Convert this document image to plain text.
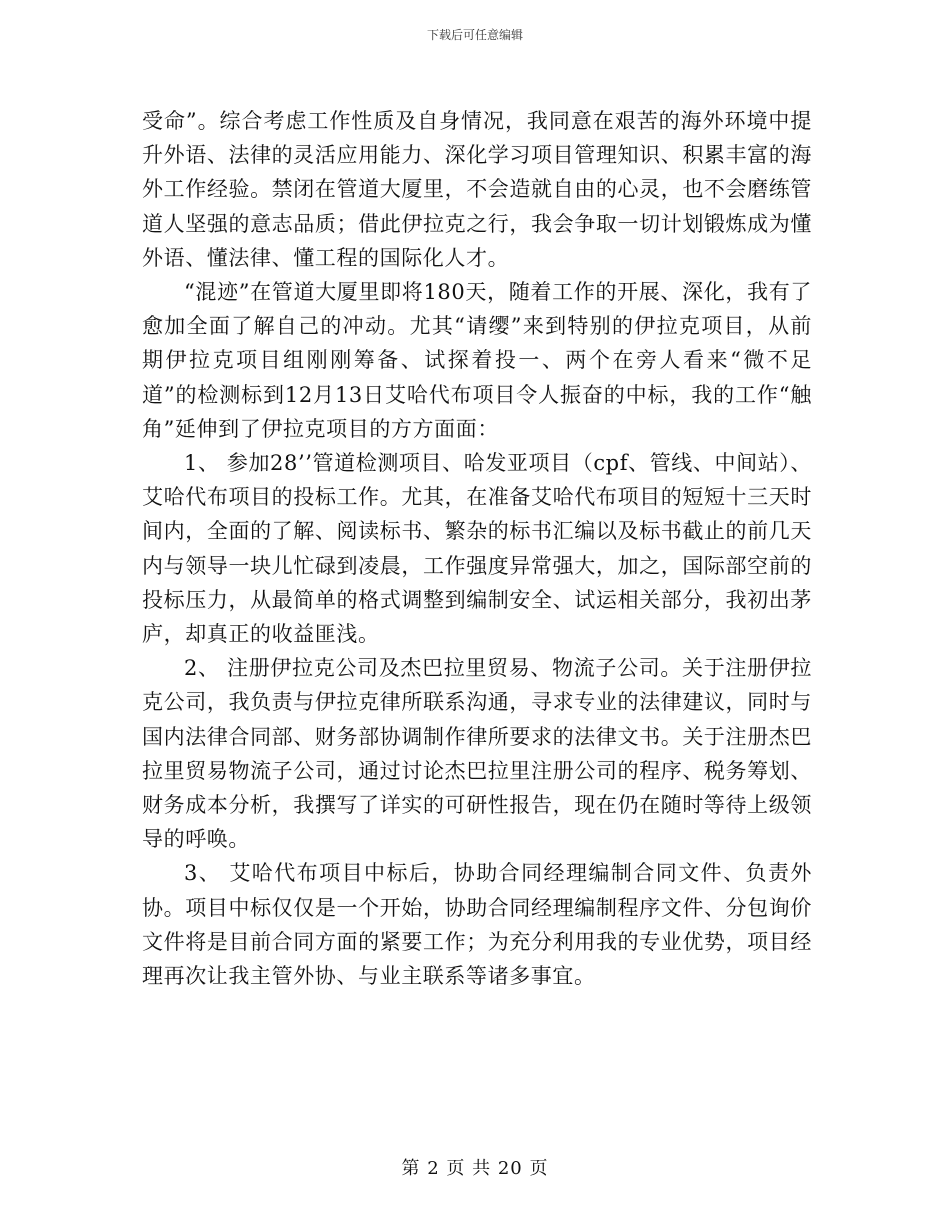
下载后可任意编辑

受命”。综合考虑工作性质及自身情况，我同意在艰苦的海外环境中提升外语、法律的灵活应用能力、深化学习项目管理知识、积累丰富的海外工作经验。禁闭在管道大厦里，不会造就自由的心灵，也不会磨练管道人坚强的意志品质；借此伊拉克之行，我会争取一切计划锻炼成为懂外语、懂法律、懂工程的国际化人才。

“混迹”在管道大厦里即将180天，随着工作的开展、深化，我有了愈加全面了解自己的冲动。尤其“请缨”来到特别的伊拉克项目，从前期伊拉克项目组刚刚筹备、试探着投一、两个在旁人看来“微不足道”的检测标到12月13日艾哈代布项目令人振奋的中标，我的工作“触角”延伸到了伊拉克项目的方方面面：

1、 参加28’’管道检测项目、哈发亚项目（cpf、管线、中间站）、艾哈代布项目的投标工作。尤其，在准备艾哈代布项目的短短十三天时间内，全面的了解、阅读标书、繁杂的标书汇编以及标书截止的前几天内与领导一块儿忙碌到凌晨，工作强度异常强大，加之，国际部空前的投标压力，从最简单的格式调整到编制安全、试运相关部分，我初出茅庐，却真正的收益匪浅。

2、 注册伊拉克公司及杰巴拉里贸易、物流子公司。关于注册伊拉克公司，我负责与伊拉克律所联系沟通，寻求专业的法律建议，同时与国内法律合同部、财务部协调制作律所要求的法律文书。关于注册杰巴拉里贸易物流子公司，通过讨论杰巴拉里注册公司的程序、税务筹划、财务成本分析，我撰写了详实的可研性报告，现在仍在随时等待上级领导的呼唤。

3、 艾哈代布项目中标后，协助合同经理编制合同文件、负责外协。项目中标仅仅是一个开始，协助合同经理编制程序文件、分包询价文件将是目前合同方面的紧要工作；为充分利用我的专业优势，项目经理再次让我主管外协、与业主联系等诸多事宜。

第 2 页 共 20 页
